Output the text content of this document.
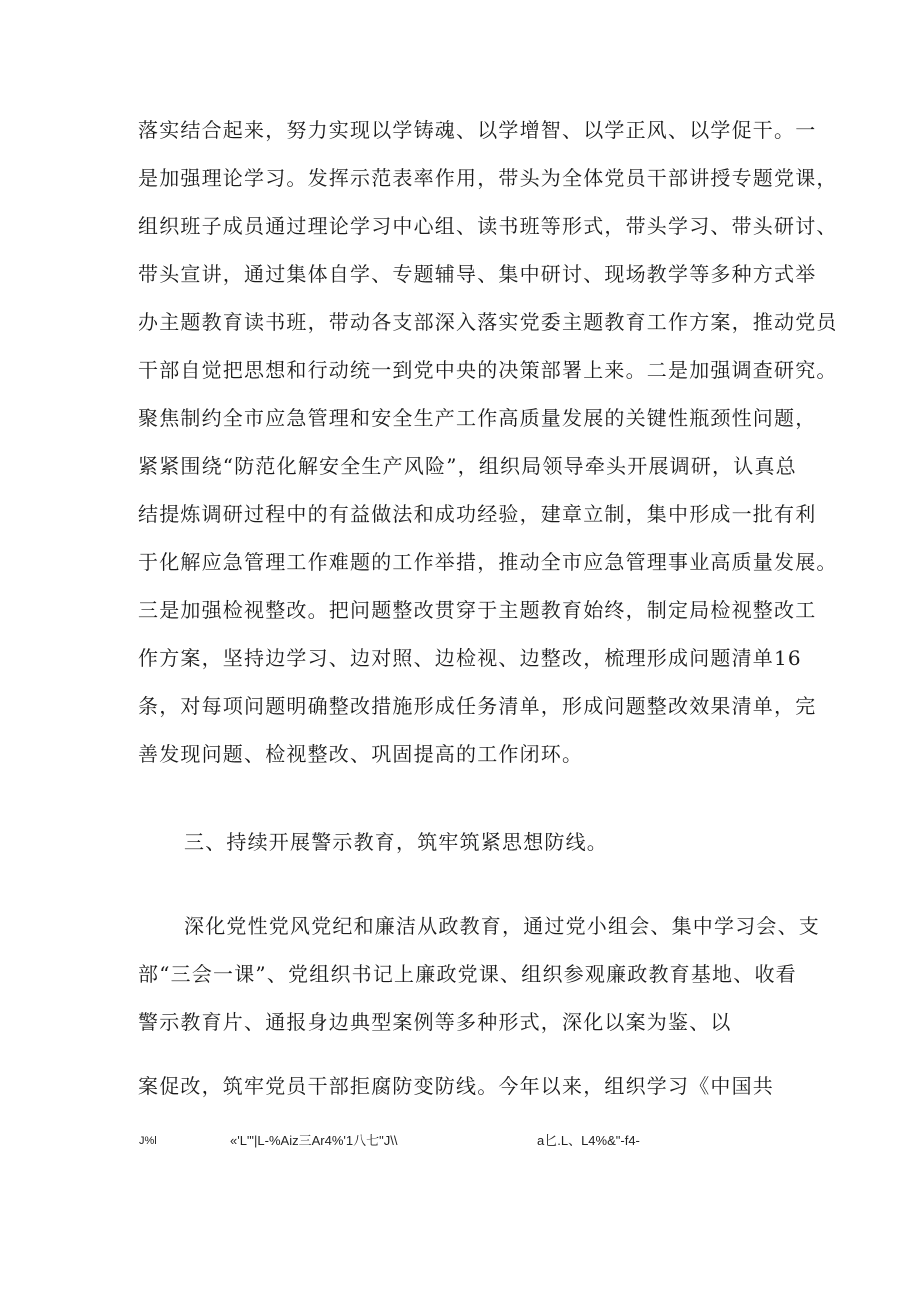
落实结合起来，努力实现以学铸魂、以学增智、以学正风、以学促干。一
是加强理论学习。发挥示范表率作用，带头为全体党员干部讲授专题党课，
组织班子成员通过理论学习中心组、读书班等形式，带头学习、带头研讨、
带头宣讲，通过集体自学、专题辅导、集中研讨、现场教学等多种方式举
办主题教育读书班，带动各支部深入落实党委主题教育工作方案，推动党员
干部自觉把思想和行动统一到党中央的决策部署上来。二是加强调查研究。
聚焦制约全市应急管理和安全生产工作高质量发展的关键性瓶颈性问题，
紧紧围绕“防范化解安全生产风险”，组织局领导牵头开展调研，认真总
结提炼调研过程中的有益做法和成功经验，建章立制，集中形成一批有利
于化解应急管理工作难题的工作举措，推动全市应急管理事业高质量发展。
三是加强检视整改。把问题整改贯穿于主题教育始终，制定局检视整改工
作方案，坚持边学习、边对照、边检视、边整改，梳理形成问题清单16
条，对每项问题明确整改措施形成任务清单，形成问题整改效果清单，完
善发现问题、检视整改、巩固提高的工作闭环。
三、持续开展警示教育，筑牢筑紧思想防线。
深化党性党风党纪和廉洁从政教育，通过党小组会、集中学习会、支
部“三会一课”、党组织书记上廉政党课、组织参观廉政教育基地、收看
警示教育片、通报身边典型案例等多种形式，深化以案为鉴、以
案促改，筑牢党员干部拒腐防变防线。今年以来，组织学习《中国共
J%l	«'L"'|L-%Aiz三Ar4%'1八七"J\\	a匕.L、L4%&"-f4-
